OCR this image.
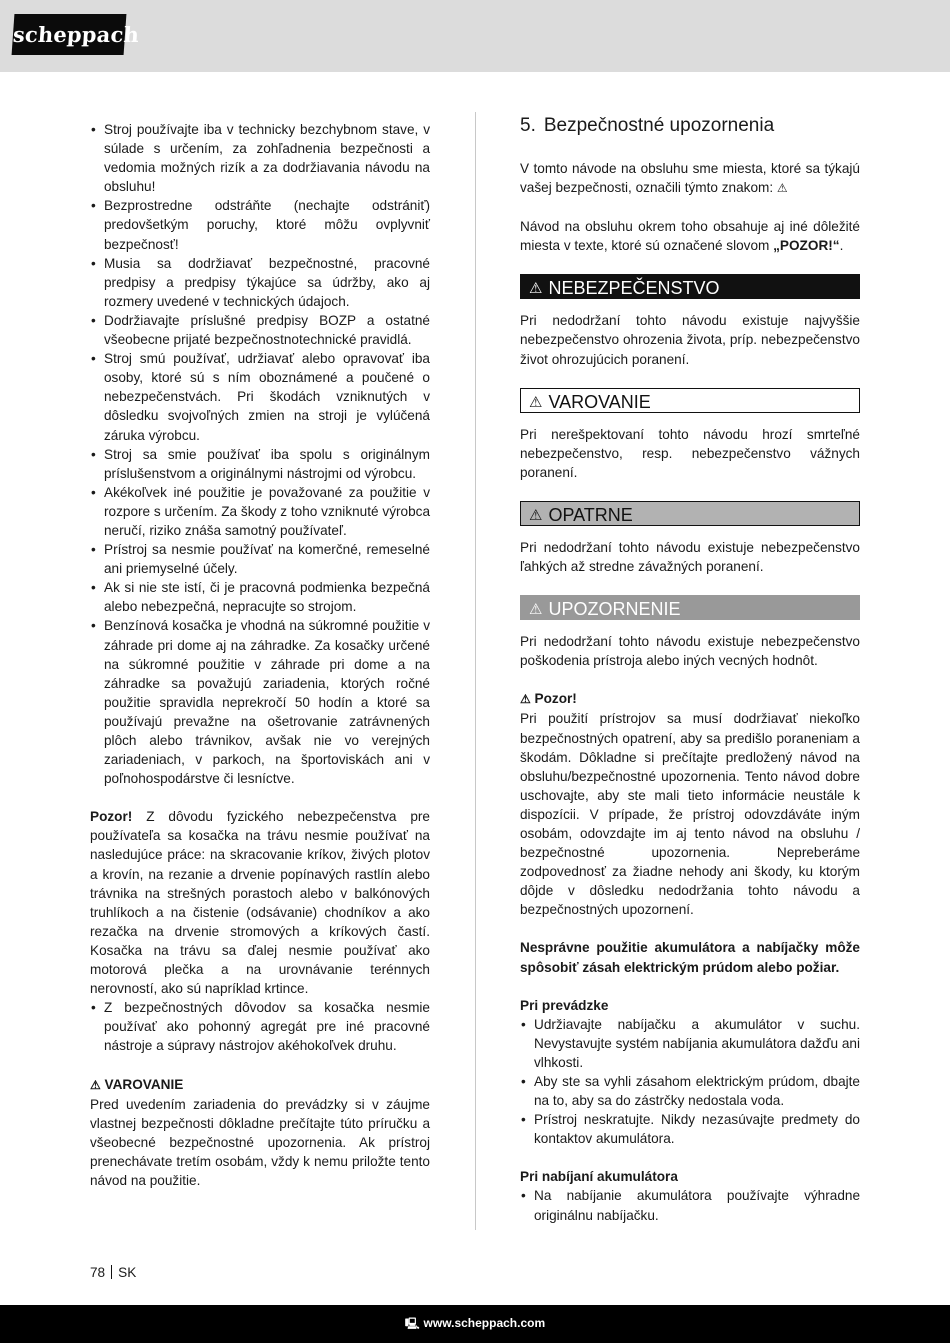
scheppach
• Stroj používajte iba v technicky bezchybnom stave, v súlade s určením, za zohľadnenia bezpečnosti a vedomia možných rizík a za dodržiavania návodu na obsluhu!
• Bezprostredne odstráňte (nechajte odstrániť) predovšetkým poruchy, ktoré môžu ovplyvniť bezpečnosť!
• Musia sa dodržiavať bezpečnostné, pracovné predpisy a predpisy týkajúce sa údržby, ako aj rozmery uvedené v technických údajoch.
• Dodržiavajte príslušné predpisy BOZP a ostatné všeobecne prijaté bezpečnostnotechnické pravidlá.
• Stroj smú používať, udržiavať alebo opravovať iba osoby, ktoré sú s ním oboznámené a poučené o nebezpečenstvách. Pri škodách vzniknutých v dôsledku svojvoľných zmien na stroji je vylúčená záruka výrobcu.
• Stroj sa smie používať iba spolu s originálnym príslušenstvom a originálnymi nástrojmi od výrobcu.
• Akékoľvek iné použitie je považované za použitie v rozpore s určením. Za škody z toho vzniknuté výrobca neručí, riziko znáša samotný používateľ.
• Prístroj sa nesmie používať na komerčné, remeselné ani priemyselné účely.
• Ak si nie ste istí, či je pracovná podmienka bezpečná alebo nebezpečná, nepracujte so strojom.
• Benzínová kosačka je vhodná na súkromné použitie v záhrade pri dome aj na záhradke. Za kosačky určené na súkromné použitie v záhrade pri dome a na záhradke sa považujú zariadenia, ktorých ročné použitie spravidla neprekročí 50 hodín a ktoré sa používajú prevažne na ošetrovanie zatrávnených plôch alebo trávnikov, avšak nie vo verejných zariadeniach, v parkoch, na športoviskách ani v poľnohospodárstve či lesníctve.

Pozor! Z dôvodu fyzického nebezpečenstva pre používateľa sa kosačka na trávu nesmie používať na nasledujúce práce: na skracovanie kríkov, živých plotov a krovín, na rezanie a drvenie popínavých rastlín alebo trávnika na strešných porastoch alebo v balkónových truhlíkoch a na čistenie (odsávanie) chodníkov a ako rezačka na drvenie stromových a kríkových častí. Kosačka na trávu sa ďalej nesmie používať ako motorová plečka a na urovnávanie terénnych nerovností, ako sú napríklad krtince.

• Z bezpečnostných dôvodov sa kosačka nesmie používať ako pohonný agregát pre iné pracovné nástroje a súpravy nástrojov akéhokoľvek druhu.

⚠ VAROVANIE

Pred uvedením zariadenia do prevádzky si v záujme vlastnej bezpečnosti dôkladne prečítajte túto príručku a všeobecné bezpečnostné upozornenia. Ak prístroj prenechávate tretím osobám, vždy k nemu priložte tento návod na použitie.

5. Bezpečnostné upozornenia

V tomto návode na obsluhu sme miesta, ktoré sa týkajú vašej bezpečnosti, označili týmto znakom: ⚠

Návod na obsluhu okrem toho obsahuje aj iné dôležité miesta v texte, ktoré sú označené slovom „POZOR!“.

⚠ NEBEZPEČENSTVO

Pri nedodržaní tohto návodu existuje najvyššie nebezpečenstvo ohrozenia života, príp. nebezpečenstvo život ohrozujúcich poranení.

⚠ VAROVANIE

Pri nerešpektovaní tohto návodu hrozí smrteľné nebezpečenstvo, resp. nebezpečenstvo vážnych poranení.

⚠ OPATRNE

Pri nedodržaní tohto návodu existuje nebezpečenstvo ľahkých až stredne závažných poranení.

⚠ UPOZORNENIE

Pri nedodržaní tohto návodu existuje nebezpečenstvo poškodenia prístroja alebo iných vecných hodnôt.

⚠ Pozor!

Pri použití prístrojov sa musí dodržiavať niekoľko bezpečnostných opatrení, aby sa predišlo poraneniam a škodám. Dôkladne si prečítajte predložený návod na obsluhu/bezpečnostné upozornenia. Tento návod dobre uschovajte, aby ste mali tieto informácie neustále k dispozícii. V prípade, že prístroj odovzdáváte iným osobám, odovzdajte im aj tento návod na obsluhu / bezpečnostné upozornenia. Nepreberáme zodpovednosť za žiadne nehody ani škody, ku ktorým dôjde v dôsledku nedodržania tohto návodu a bezpečnostných upozornení.

Nesprávne použitie akumulátora a nabíjačky môže spôsobiť zásah elektrickým prúdom alebo požiar.

Pri prevádzke

• Udržiavajte nabíjačku a akumulátor v suchu. Nevystavujte systém nabíjania akumulátora dažďu ani vlhkosti.
• Aby ste sa vyhli zásahom elektrickým prúdom, dbajte na to, aby sa do zástrčky nedostala voda.
• Prístroj neskratujte. Nikdy nezasúvajte predmety do kontaktov akumulátora.

Pri nabíjaní akumulátora

• Na nabíjanie akumulátora používajte výhradne originálnu nabíjačku.
78 SK
🖳 www.scheppach.com
